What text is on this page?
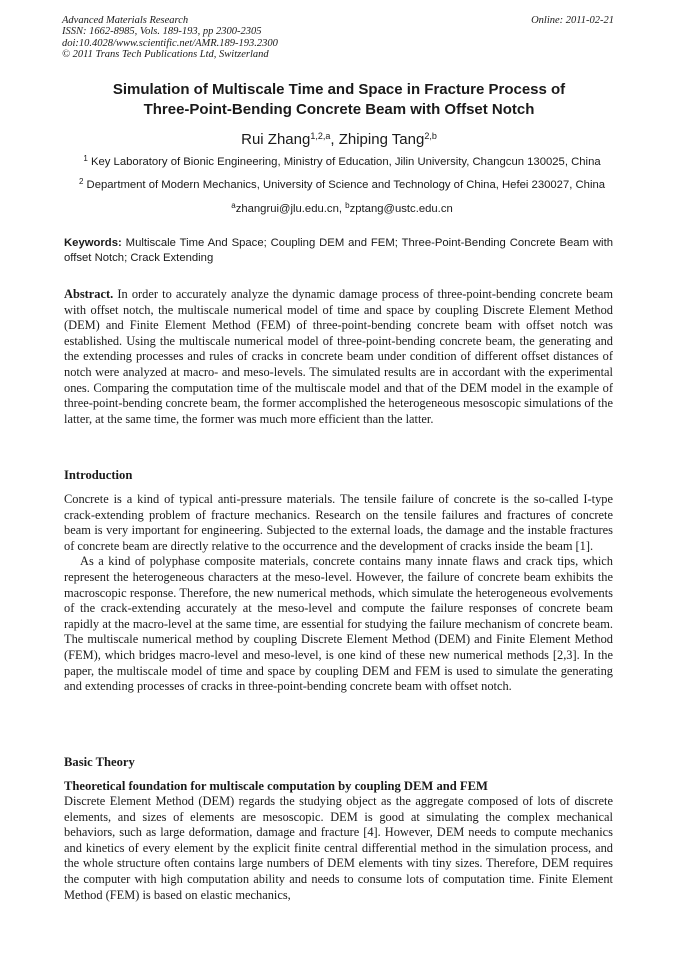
Advanced Materials Research
ISSN: 1662-8985, Vols. 189-193, pp 2300-2305
doi:10.4028/www.scientific.net/AMR.189-193.2300
© 2011 Trans Tech Publications Ltd, Switzerland
Online: 2011-02-21
Simulation of Multiscale Time and Space in Fracture Process of
Three-Point-Bending Concrete Beam with Offset Notch
Rui Zhang$^{1,2,a}$, Zhiping Tang$^{2,b}$
$^1$ Key Laboratory of Bionic Engineering, Ministry of Education, Jilin University, Changcun 130025, China
$^2$ Department of Modern Mechanics, University of Science and Technology of China, Hefei 230027, China
$^a$zhangrui@jlu.edu.cn, $^b$zptang@ustc.edu.cn
Keywords: Multiscale Time And Space; Coupling DEM and FEM; Three-Point-Bending Concrete Beam with offset Notch; Crack Extending
Abstract. In order to accurately analyze the dynamic damage process of three-point-bending concrete beam with offset notch, the multiscale numerical model of time and space by coupling Discrete Element Method (DEM) and Finite Element Method (FEM) of three-point-bending concrete beam with offset notch was established. Using the multiscale numerical model of three-point-bending concrete beam, the generating and the extending processes and rules of cracks in concrete beam under condition of different offset distances of notch were analyzed at macro- and meso-levels. The simulated results are in accordant with the experimental ones. Comparing the computation time of the multiscale model and that of the DEM model in the example of three-point-bending concrete beam, the former accomplished the heterogeneous mesoscopic simulations of the latter, at the same time, the former was much more efficient than the latter.
Introduction
Concrete is a kind of typical anti-pressure materials. The tensile failure of concrete is the so-called I-type crack-extending problem of fracture mechanics. Research on the tensile failures and fractures of concrete beam is very important for engineering. Subjected to the external loads, the damage and the instable fractures of concrete beam are directly relative to the occurrence and the development of cracks inside the beam [1].
As a kind of polyphase composite materials, concrete contains many innate flaws and crack tips, which represent the heterogeneous characters at the meso-level. However, the failure of concrete beam exhibits the macroscopic response. Therefore, the new numerical methods, which simulate the heterogeneous evolvements of the crack-extending accurately at the meso-level and compute the failure responses of concrete beam rapidly at the macro-level at the same time, are essential for studying the failure mechanism of concrete beam. The multiscale numerical method by coupling Discrete Element Method (DEM) and Finite Element Method (FEM), which bridges macro-level and meso-level, is one kind of these new numerical methods [2,3]. In the paper, the multiscale model of time and space by coupling DEM and FEM is used to simulate the generating and extending processes of cracks in three-point-bending concrete beam with offset notch.
Basic Theory
Theoretical foundation for multiscale computation by coupling DEM and FEM
Discrete Element Method (DEM) regards the studying object as the aggregate composed of lots of discrete elements, and sizes of elements are mesoscopic. DEM is good at simulating the complex mechanical behaviors, such as large deformation, damage and fracture [4]. However, DEM needs to compute mechanics and kinetics of every element by the explicit finite central differential method in the simulation process, and the whole structure often contains large numbers of DEM elements with tiny sizes. Therefore, DEM requires the computer with high computation ability and needs to consume lots of computation time. Finite Element Method (FEM) is based on elastic mechanics,
